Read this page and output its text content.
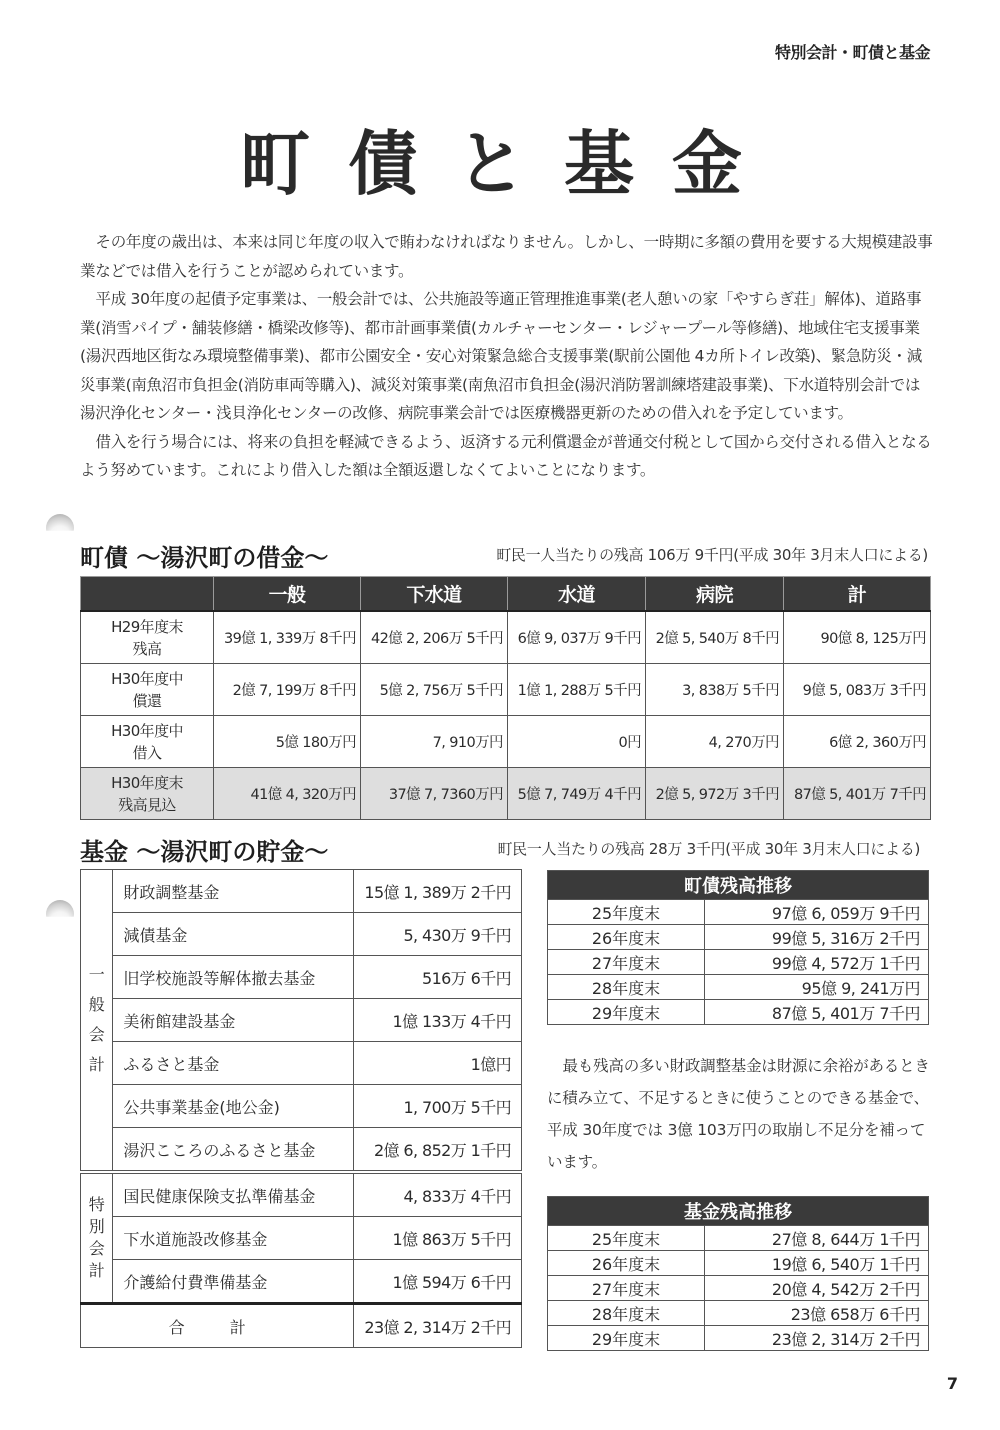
特別会計・町債と基金
町債と基金

その年度の歳出は、本来は同じ年度の収入で賄わなければなりません。しかし、一時期に多額の費用を要する大規模建設事業などでは借入を行うことが認められています。

平成 30年度の起債予定事業は、一般会計では、公共施設等適正管理推進事業(老人憩いの家「やすらぎ荘」解体)、道路事業(消雪パイプ・舗装修繕・橋梁改修等)、都市計画事業債(カルチャーセンター・レジャープール等修繕)、地域住宅支援事業(湯沢西地区街なみ環境整備事業)、都市公園安全・安心対策緊急総合支援事業(駅前公園他 4カ所トイレ改築)、緊急防災・減災事業(南魚沼市負担金(消防車両等購入)、減災対策事業(南魚沼市負担金(湯沢消防署訓練塔建設事業)、下水道特別会計では湯沢浄化センター・浅貝浄化センターの改修、病院事業会計では医療機器更新のための借入れを予定しています。

借入を行う場合には、将来の負担を軽減できるよう、返済する元利償還金が普通交付税として国から交付される借入となるよう努めています。これにより借入した額は全額返還しなくてよいことになります。

町債 〜湯沢町の借金〜	町民一人当たりの残高 106万 9千円(平成 30年 3月末人口による)
	一般	下水道	水道	病院	計
H29年度末
残高	39億 1, 339万 8千円	42億 2, 206万 5千円	6億 9, 037万 9千円	2億 5, 540万 8千円	90億 8, 125万円
H30年度中
償還	2億 7, 199万 8千円	5億 2, 756万 5千円	1億 1, 288万 5千円	3, 838万 5千円	9億 5, 083万 3千円
H30年度中
借入	5億 180万円	7, 910万円	0円	4, 270万円	6億 2, 360万円
H30年度末
残高見込	41億 4, 320万円	37億 7, 7360万円	5億 7, 749万 4千円	2億 5, 972万 3千円	87億 5, 401万 7千円
基金 〜湯沢町の貯金〜	町民一人当たりの残高 28万 3千円(平成 30年 3月末人口による)
一
般
会
計	財政調整基金	15億 1, 389万 2千円
	減債基金	5, 430万 9千円
	旧学校施設等解体撤去基金	516万 6千円
	美術館建設基金	1億 133万 4千円
	ふるさと基金	1億円
	公共事業基金(地公金)	1, 700万 5千円
	湯沢こころのふるさと基金	2億 6, 852万 1千円
特
別
会
計	国民健康保険支払準備基金	4, 833万 4千円
	下水道施設改修基金	1億 863万 5千円
	介護給付費準備基金	1億 594万 6千円
合 計		23億 2, 314万 2千円
町債残高推移	
25年度末	97億 6, 059万 9千円
26年度末	99億 5, 316万 2千円
27年度末	99億 4, 572万 1千円
28年度末	95億 9, 241万円
29年度末	87億 5, 401万 7千円

最も残高の多い財政調整基金は財源に余裕があるときに積み立て、不足するときに使うことのできる基金で、平成 30年度では 3億 103万円の取崩し不足分を補っています。

基金残高推移	
25年度末	27億 8, 644万 1千円
26年度末	19億 6, 540万 1千円
27年度末	20億 4, 542万 2千円
28年度末	23億 658万 6千円
29年度末	23億 2, 314万 2千円
7
